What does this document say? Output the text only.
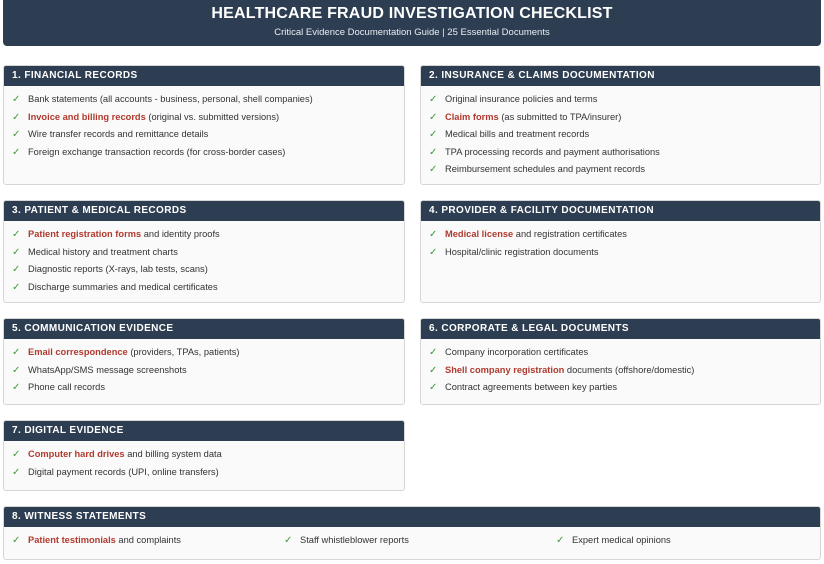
HEALTHCARE FRAUD INVESTIGATION CHECKLIST
Critical Evidence Documentation Guide | 25 Essential Documents
1. FINANCIAL RECORDS
✓ Bank statements (all accounts - business, personal, shell companies)
✓ Invoice and billing records (original vs. submitted versions)
✓ Wire transfer records and remittance details
✓ Foreign exchange transaction records (for cross-border cases)
2. INSURANCE & CLAIMS DOCUMENTATION
✓ Original insurance policies and terms
✓ Claim forms (as submitted to TPA/insurer)
✓ Medical bills and treatment records
✓ TPA processing records and payment authorisations
✓ Reimbursement schedules and payment records
3. PATIENT & MEDICAL RECORDS
✓ Patient registration forms and identity proofs
✓ Medical history and treatment charts
✓ Diagnostic reports (X-rays, lab tests, scans)
✓ Discharge summaries and medical certificates
4. PROVIDER & FACILITY DOCUMENTATION
✓ Medical license and registration certificates
✓ Hospital/clinic registration documents
5. COMMUNICATION EVIDENCE
✓ Email correspondence (providers, TPAs, patients)
✓ WhatsApp/SMS message screenshots
✓ Phone call records
6. CORPORATE & LEGAL DOCUMENTS
✓ Company incorporation certificates
✓ Shell company registration documents (offshore/domestic)
✓ Contract agreements between key parties
7. DIGITAL EVIDENCE
✓ Computer hard drives and billing system data
✓ Digital payment records (UPI, online transfers)
8. WITNESS STATEMENTS
✓ Patient testimonials and complaints	✓ Staff whistleblower reports	✓ Expert medical opinions
